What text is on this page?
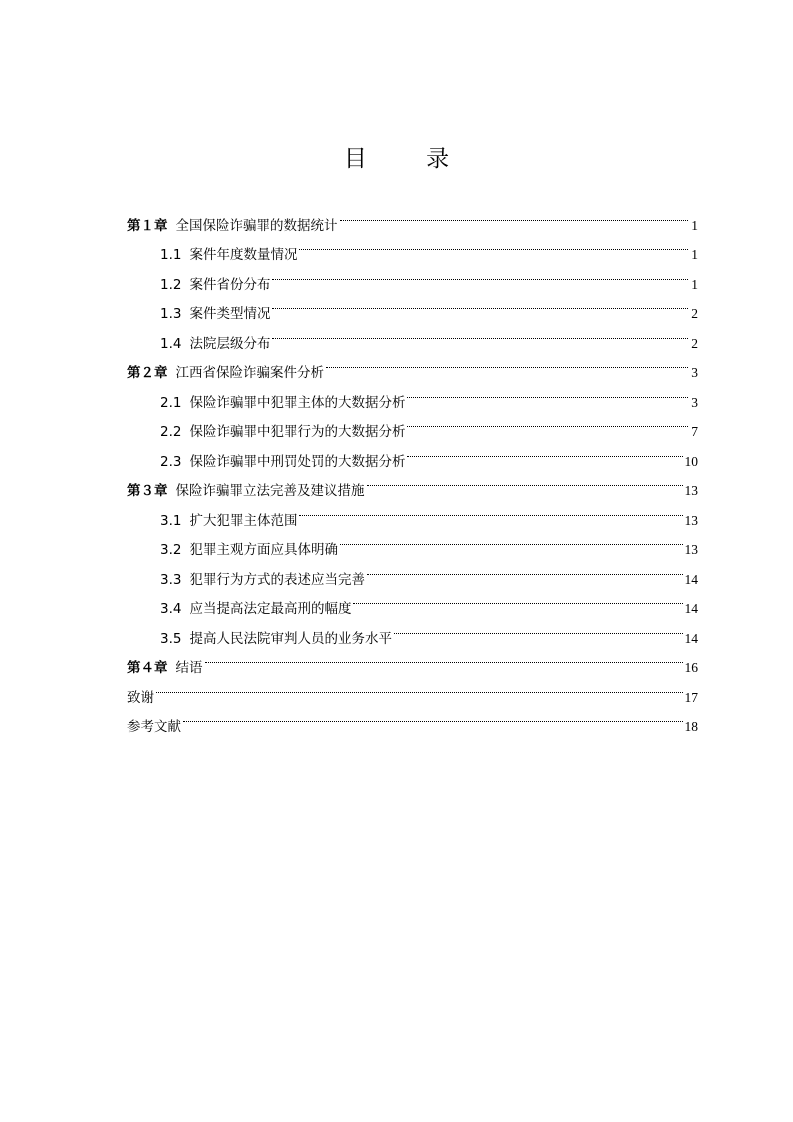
目 录
第１章 全国保险诈骗罪的数据统计	1
1.1 案件年度数量情况	1
1.2 案件省份分布	1
1.3 案件类型情况	2
1.4 法院层级分布	2
第２章 江西省保险诈骗案件分析	3
2.1 保险诈骗罪中犯罪主体的大数据分析	3
2.2 保险诈骗罪中犯罪行为的大数据分析	7
2.3 保险诈骗罪中刑罚处罚的大数据分析	10
第３章 保险诈骗罪立法完善及建议措施	13
3.1 扩大犯罪主体范围	13
3.2 犯罪主观方面应具体明确	13
3.3 犯罪行为方式的表述应当完善	14
3.4 应当提高法定最高刑的幅度	14
3.5 提高人民法院审判人员的业务水平	14
第４章 结语	16
致谢	17
参考文献	18
